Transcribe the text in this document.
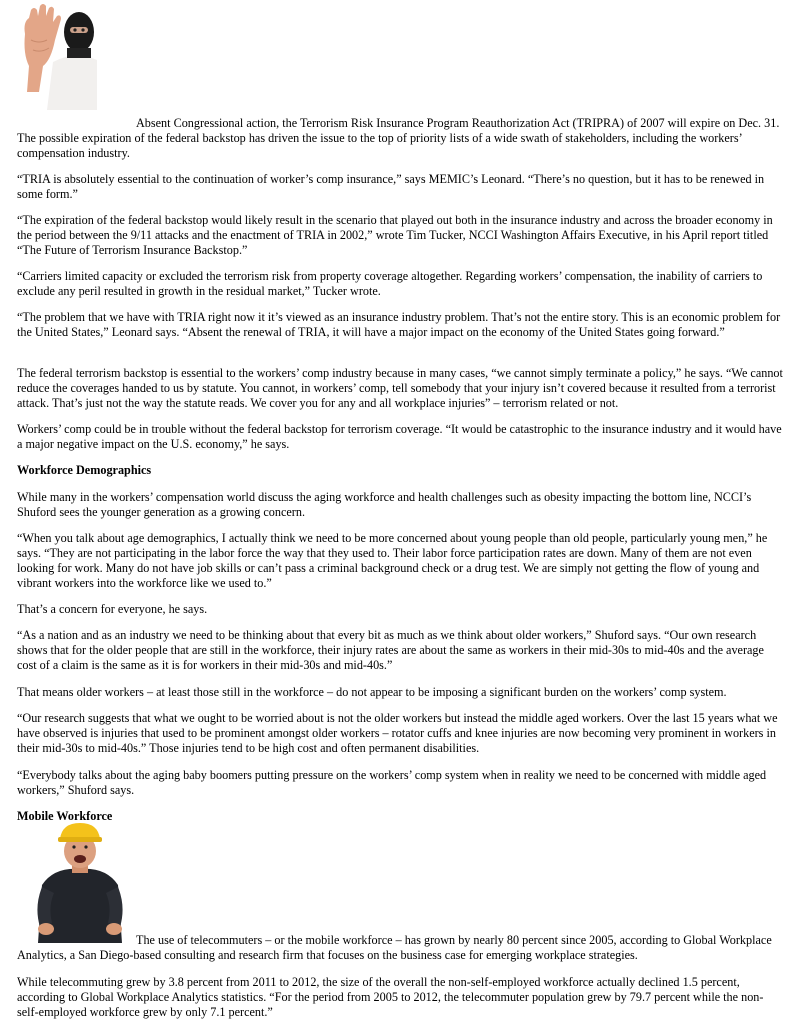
Absent Congressional action, the Terrorism Risk Insurance Program Reauthorization Act (TRIPRA) of 2007 will expire on Dec. 31. The possible expiration of the federal backstop has driven the issue to the top of priority lists of a wide swath of stakeholders, including the workers’ compensation industry.

“TRIA is absolutely essential to the continuation of worker’s comp insurance,” says MEMIC’s Leonard. “There’s no question, but it has to be renewed in some form.”

“The expiration of the federal backstop would likely result in the scenario that played out both in the insurance industry and across the broader economy in the period between the 9/11 attacks and the enactment of TRIA in 2002,” wrote Tim Tucker, NCCI Washington Affairs Executive, in his April report titled “The Future of Terrorism Insurance Backstop.”

“Carriers limited capacity or excluded the terrorism risk from property coverage altogether. Regarding workers’ compensation, the inability of carriers to exclude any peril resulted in growth in the residual market,” Tucker wrote.

“The problem that we have with TRIA right now it it’s viewed as an insurance industry problem. That’s not the entire story. This is an economic problem for the United States,” Leonard says. “Absent the renewal of TRIA, it will have a major impact on the economy of the United States going forward.”

The federal terrorism backstop is essential to the workers’ comp industry because in many cases, “we cannot simply terminate a policy,” he says. “We cannot reduce the coverages handed to us by statute. You cannot, in workers’ comp, tell somebody that your injury isn’t covered because it resulted from a terrorist attack. That’s just not the way the statute reads. We cover you for any and all workplace injuries” – terrorism related or not.

Workers’ comp could be in trouble without the federal backstop for terrorism coverage. “It would be catastrophic to the insurance industry and it would have a major negative impact on the U.S. economy,” he says.

Workforce Demographics

While many in the workers’ compensation world discuss the aging workforce and health challenges such as obesity impacting the bottom line, NCCI’s Shuford sees the younger generation as a growing concern.

“When you talk about age demographics, I actually think we need to be more concerned about young people than old people, particularly young men,” he says. “They are not participating in the labor force the way that they used to. Their labor force participation rates are down. Many of them are not even looking for work. Many do not have job skills or can’t pass a criminal background check or a drug test. We are simply not getting the flow of young and vibrant workers into the workforce like we used to.”

That’s a concern for everyone, he says.

“As a nation and as an industry we need to be thinking about that every bit as much as we think about older workers,” Shuford says. “Our own research shows that for the older people that are still in the workforce, their injury rates are about the same as workers in their mid-30s to mid-40s and the average cost of a claim is the same as it is for workers in their mid-30s and mid-40s.”

That means older workers – at least those still in the workforce – do not appear to be imposing a significant burden on the workers’ comp system.

“Our research suggests that what we ought to be worried about is not the older workers but instead the middle aged workers. Over the last 15 years what we have observed is injuries that used to be prominent amongst older workers – rotator cuffs and knee injuries are now becoming very prominent in workers in their mid-30s to mid-40s.” Those injuries tend to be high cost and often permanent disabilities.

“Everybody talks about the aging baby boomers putting pressure on the workers’ comp system when in reality we need to be concerned with middle aged workers,” Shuford says.

Mobile Workforce

The use of telecommuters – or the mobile workforce – has grown by nearly 80 percent since 2005, according to Global Workplace Analytics, a San Diego-based consulting and research firm that focuses on the business case for emerging workplace strategies.

While telecommuting grew by 3.8 percent from 2011 to 2012, the size of the overall the non-self-employed workforce actually declined 1.5 percent, according to Global Workplace Analytics statistics. “For the period from 2005 to 2012, the telecommuter population grew by 79.7 percent while the non-self-employed workforce grew by only 7.1 percent.”
